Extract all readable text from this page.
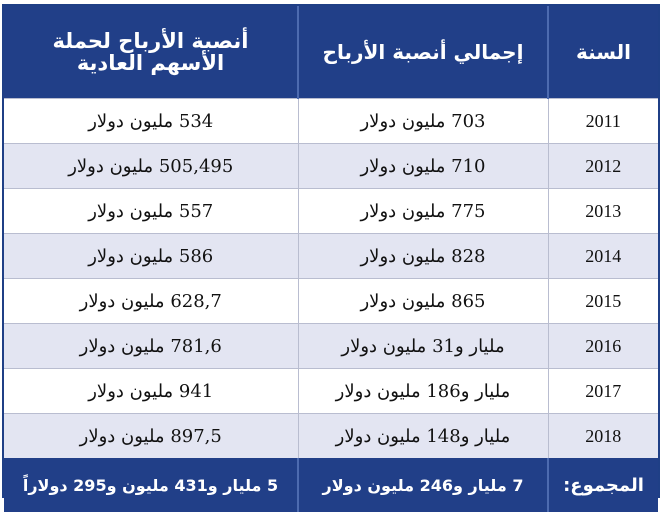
السنة	إجمالي أنصبة الأرباح	أنصبة الأرباح لحملة الأسهم العادية
2011	703 مليون دولار	534 مليون دولار
2012	710 مليون دولار	505,495 مليون دولار
2013	775 مليون دولار	557 مليون دولار
2014	828 مليون دولار	586 مليون دولار
2015	865 مليون دولار	628,7 مليون دولار
2016	مليار و31 مليون دولار	781,6 مليون دولار
2017	مليار و186 مليون دولار	941 مليون دولار
2018	مليار و148 مليون دولار	897,5 مليون دولار
المجموع:	7 مليار و246 مليون دولار	5 مليار و431 مليون و295 دولاراً
